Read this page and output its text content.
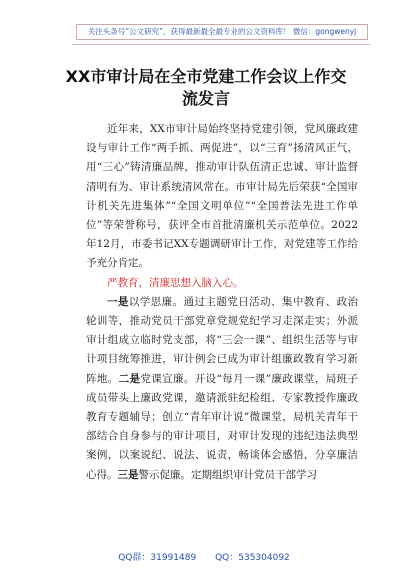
关注头条号“公文研究”，获得最新最全最专业的公文资料库！ 微信：gongwenyj
XX市审计局在全市党建工作会议上作交流发言

近年来，XX市审计局始终坚持党建引领，党风廉政建设与审计工作“两手抓、两促进”，以“三育”扬清风正气，用“三心”铸清廉品牌，推动审计队伍清正忠诚、审计监督清明有为、审计系统清风常在。市审计局先后荣获“全国审计机关先进集体”“全国文明单位”“全国普法先进工作单位”等荣誉称号，获评全市首批清廉机关示范单位。2022年12月，市委书记XX专题调研审计工作，对党建等工作给予充分肯定。

严教育，清廉思想入脑入心。

一是以学思廉。通过主题党日活动、集中教育、政治轮训等，推动党员干部党章党规党纪学习走深走实；外派审计组成立临时党支部，将“三会一课”、组织生活等与审计项目统筹推进，审计例会已成为审计组廉政教育学习新阵地。二是党课宣廉。开设“每月一课”廉政课堂，局班子成员带头上廉政党课，邀请派驻纪检组、专家教授作廉政教育专题辅导；创立“青年审计说”微课堂，局机关青年干部结合自身参与的审计项目，对审计发现的违纪违法典型案例，以案说纪、说法、说责，畅谈体会感悟，分享廉洁心得。三是警示促廉。定期组织审计党员干部学习

QQ群：31991489 QQ：535304092
